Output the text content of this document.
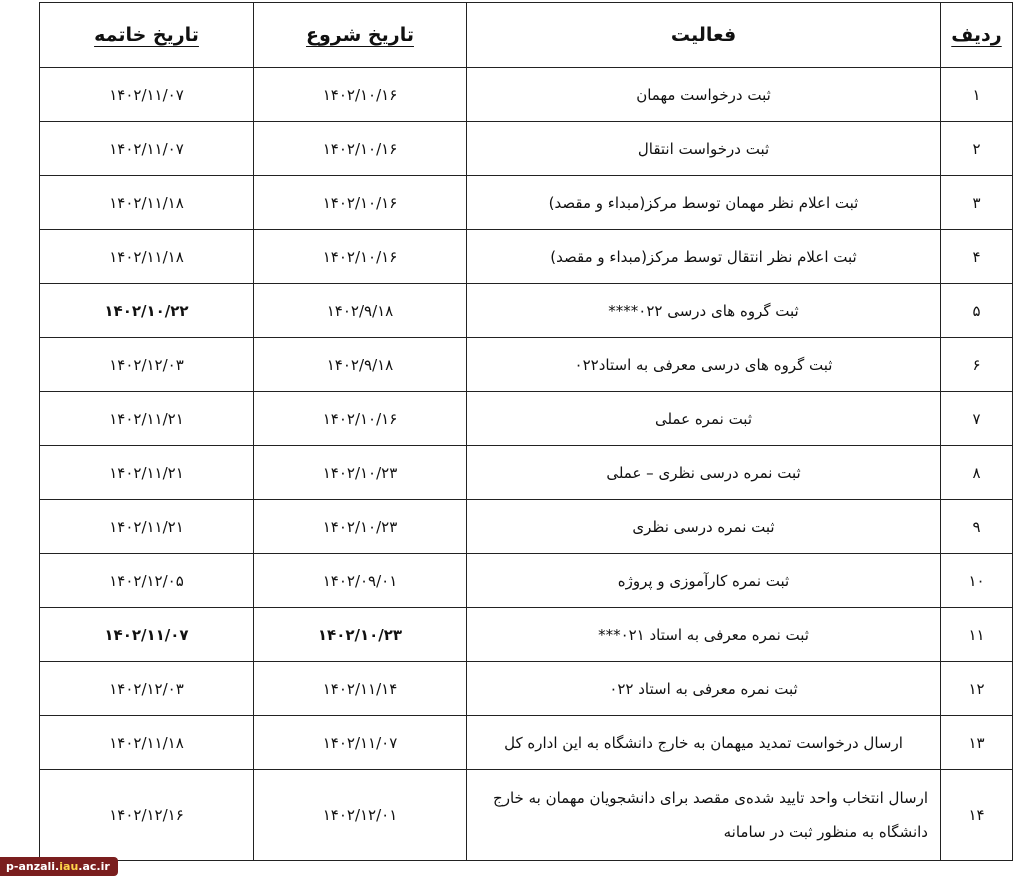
ردیف	فعالیت	تاریخ شروع	تاریخ خاتمه
۱	ثبت درخواست مهمان	۱۴۰۲/۱۰/۱۶	۱۴۰۲/۱۱/۰۷
۲	ثبت درخواست انتقال	۱۴۰۲/۱۰/۱۶	۱۴۰۲/۱۱/۰۷
۳	ثبت اعلام نظر مهمان توسط مرکز(مبداء و مقصد)	۱۴۰۲/۱۰/۱۶	۱۴۰۲/۱۱/۱۸
۴	ثبت اعلام نظر انتقال توسط مرکز(مبداء و مقصد)	۱۴۰۲/۱۰/۱۶	۱۴۰۲/۱۱/۱۸
۵	ثبت گروه های درسی ۰۲۲****	۱۴۰۲/۹/۱۸	۱۴۰۲/۱۰/۲۲
۶	ثبت گروه های درسی معرفی به استاد۰۲۲	۱۴۰۲/۹/۱۸	۱۴۰۲/۱۲/۰۳
۷	ثبت نمره عملی	۱۴۰۲/۱۰/۱۶	۱۴۰۲/۱۱/۲۱
۸	ثبت نمره درسی نظری – عملی	۱۴۰۲/۱۰/۲۳	۱۴۰۲/۱۱/۲۱
۹	ثبت نمره درسی نظری	۱۴۰۲/۱۰/۲۳	۱۴۰۲/۱۱/۲۱
۱۰	ثبت نمره کارآموزی و پروژه	۱۴۰۲/۰۹/۰۱	۱۴۰۲/۱۲/۰۵
۱۱	ثبت نمره معرفی به استاد ۰۲۱***	۱۴۰۲/۱۰/۲۳	۱۴۰۲/۱۱/۰۷
۱۲	ثبت نمره معرفی به استاد ۰۲۲	۱۴۰۲/۱۱/۱۴	۱۴۰۲/۱۲/۰۳
۱۳	ارسال درخواست تمدید میهمان به خارج دانشگاه به این اداره کل	۱۴۰۲/۱۱/۰۷	۱۴۰۲/۱۱/۱۸
۱۴	ارسال انتخاب واحد تایید شده‌ی مقصد برای دانشجویان مهمان به خارج دانشگاه به منظور ثبت در سامانه	۱۴۰۲/۱۲/۰۱	۱۴۰۲/۱۲/۱۶
p-anzali.iau.ac.ir
